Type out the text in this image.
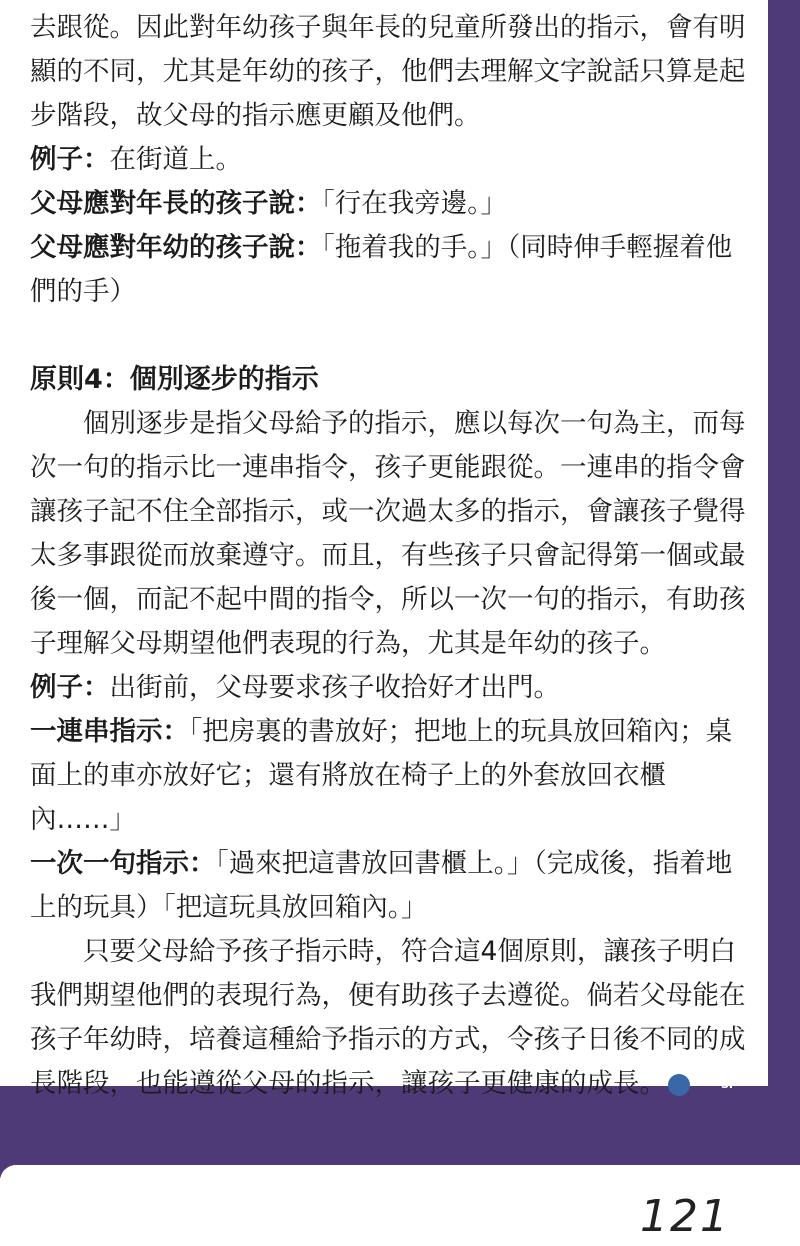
去跟從。因此對年幼孩子與年長的兒童所發出的指示，會有明顯的不同，尤其是年幼的孩子，他們去理解文字說話只算是起步階段，故父母的指示應更顧及他們。

例子：在街道上。

父母應對年長的孩子說：「行在我旁邊。」

父母應對年幼的孩子說：「拖着我的手。」（同時伸手輕握着他們的手）

原則4：個別逐步的指示

個別逐步是指父母給予的指示，應以每次一句為主，而每次一句的指示比一連串指令，孩子更能跟從。一連串的指令會讓孩子記不住全部指示，或一次過太多的指示，會讓孩子覺得太多事跟從而放棄遵守。而且，有些孩子只會記得第一個或最後一個，而記不起中間的指令，所以一次一句的指示，有助孩子理解父母期望他們表現的行為，尤其是年幼的孩子。

例子：出街前，父母要求孩子收拾好才出門。

一連串指示：「把房裏的書放好；把地上的玩具放回箱內；桌面上的車亦放好它；還有將放在椅子上的外套放回衣櫃內……」

一次一句指示：「過來把這書放回書櫃上。」（完成後，指着地上的玩具）「把這玩具放回箱內。」

只要父母給予孩子指示時，符合這4個原則，讓孩子明白我們期望他們的表現行為，便有助孩子去遵從。倘若父母能在孩子年幼時，培養這種給予指示的方式，令孩子日後不同的成長階段，也能遵從父母的指示，讓孩子更健康的成長。	SP

121
